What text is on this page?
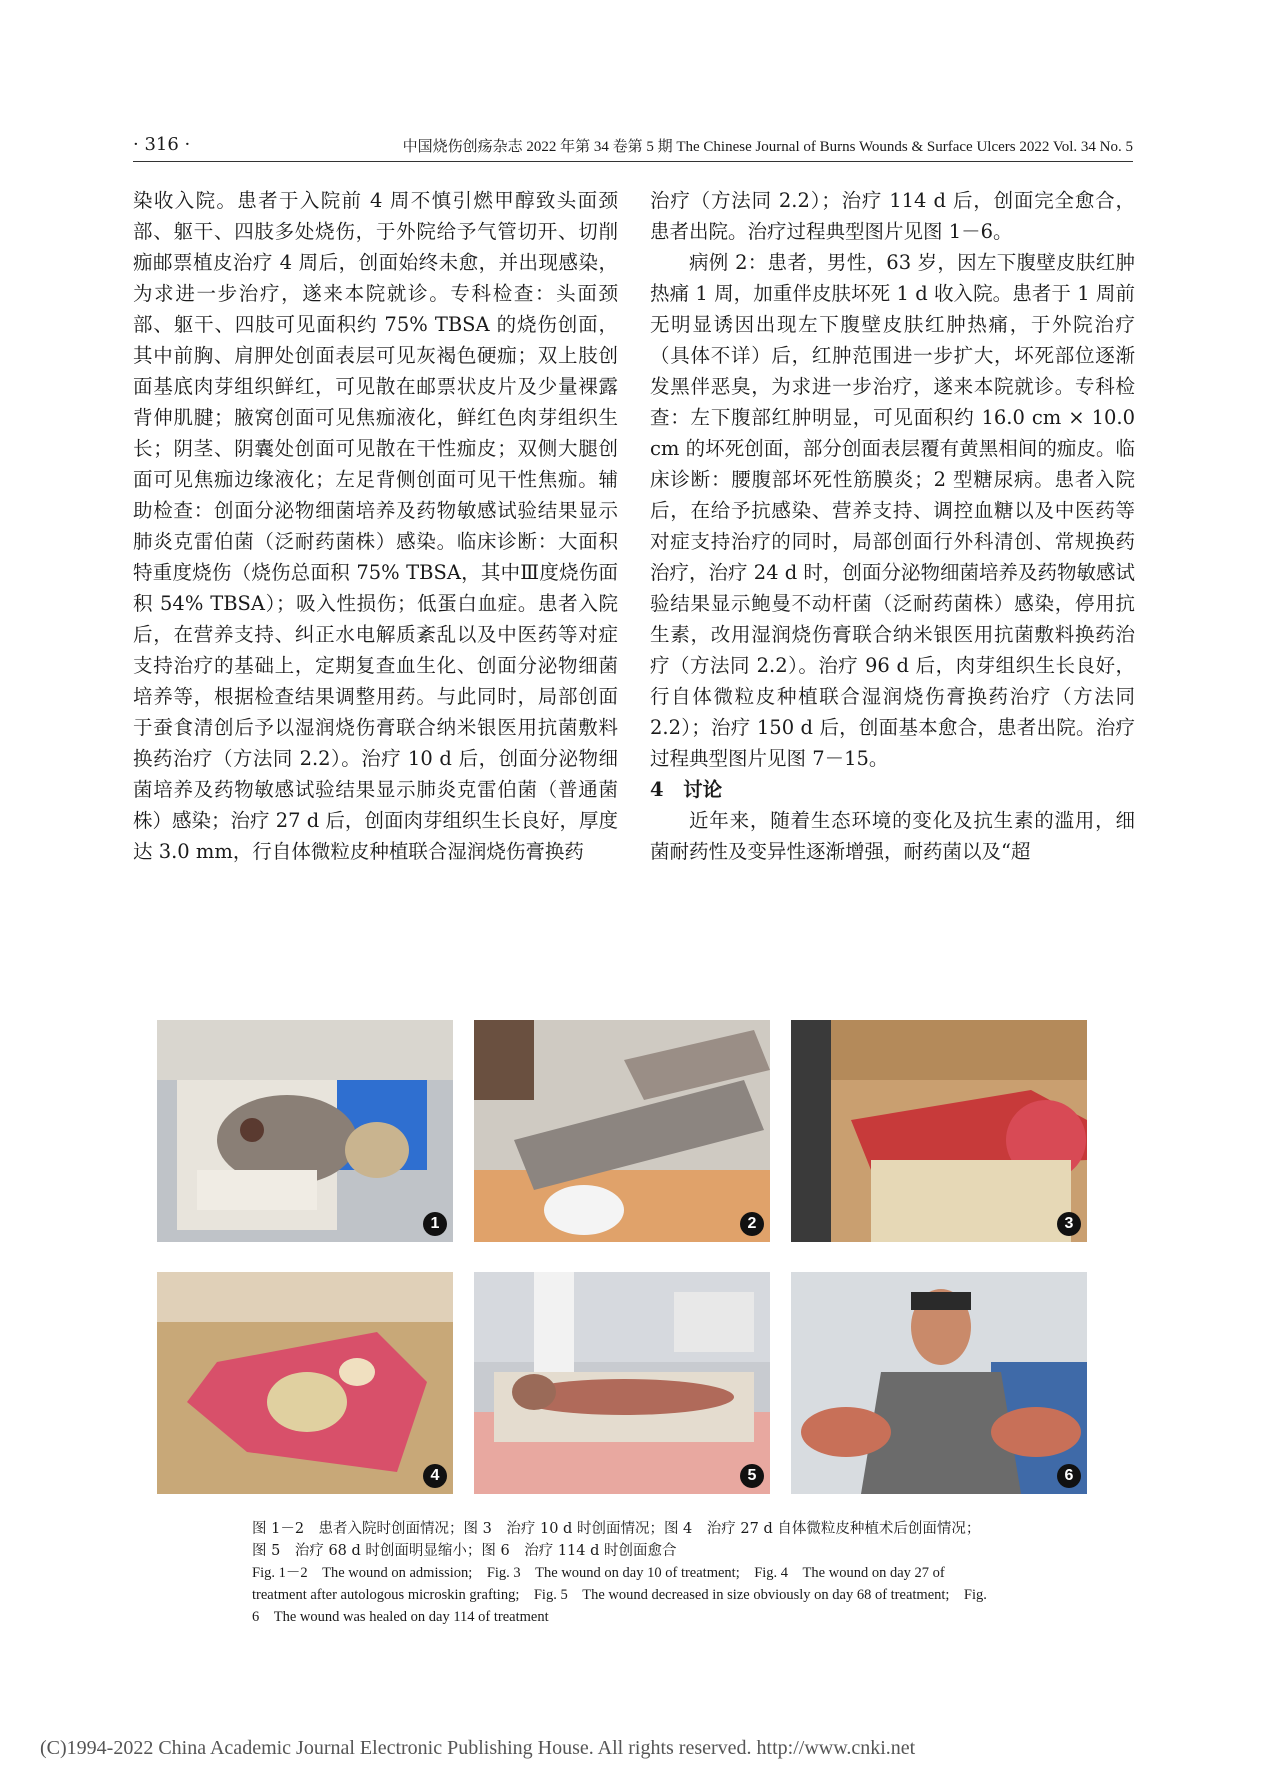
· 316 ·	中国烧伤创疡杂志 2022 年第 34 卷第 5 期 The Chinese Journal of Burns Wounds & Surface Ulcers 2022 Vol. 34 No. 5

染收入院。患者于入院前 4 周不慎引燃甲醇致头面颈部、躯干、四肢多处烧伤，于外院给予气管切开、切削痂邮票植皮治疗 4 周后，创面始终未愈，并出现感染，为求进一步治疗，遂来本院就诊。专科检查：头面颈部、躯干、四肢可见面积约 75% TBSA 的烧伤创面，其中前胸、肩胛处创面表层可见灰褐色硬痂；双上肢创面基底肉芽组织鲜红，可见散在邮票状皮片及少量裸露背伸肌腱；腋窝创面可见焦痂液化，鲜红色肉芽组织生长；阴茎、阴囊处创面可见散在干性痂皮；双侧大腿创面可见焦痂边缘液化；左足背侧创面可见干性焦痂。辅助检查：创面分泌物细菌培养及药物敏感试验结果显示肺炎克雷伯菌（泛耐药菌株）感染。临床诊断：大面积特重度烧伤（烧伤总面积 75% TBSA，其中Ⅲ度烧伤面积 54% TBSA）；吸入性损伤；低蛋白血症。患者入院后，在营养支持、纠正水电解质紊乱以及中医药等对症支持治疗的基础上，定期复查血生化、创面分泌物细菌培养等，根据检查结果调整用药。与此同时，局部创面于蚕食清创后予以湿润烧伤膏联合纳米银医用抗菌敷料换药治疗（方法同 2.2）。治疗 10 d 后，创面分泌物细菌培养及药物敏感试验结果显示肺炎克雷伯菌（普通菌株）感染；治疗 27 d 后，创面肉芽组织生长良好，厚度达 3.0 mm，行自体微粒皮种植联合湿润烧伤膏换药

治疗（方法同 2.2）；治疗 114 d 后，创面完全愈合，患者出院。治疗过程典型图片见图 1－6。

病例 2：患者，男性，63 岁，因左下腹壁皮肤红肿热痛 1 周，加重伴皮肤坏死 1 d 收入院。患者于 1 周前无明显诱因出现左下腹壁皮肤红肿热痛，于外院治疗（具体不详）后，红肿范围进一步扩大，坏死部位逐渐发黑伴恶臭，为求进一步治疗，遂来本院就诊。专科检查：左下腹部红肿明显，可见面积约 16.0 cm × 10.0 cm 的坏死创面，部分创面表层覆有黄黑相间的痂皮。临床诊断：腰腹部坏死性筋膜炎；2 型糖尿病。患者入院后，在给予抗感染、营养支持、调控血糖以及中医药等对症支持治疗的同时，局部创面行外科清创、常规换药治疗，治疗 24 d 时，创面分泌物细菌培养及药物敏感试验结果显示鲍曼不动杆菌（泛耐药菌株）感染，停用抗生素，改用湿润烧伤膏联合纳米银医用抗菌敷料换药治疗（方法同 2.2）。治疗 96 d 后，肉芽组织生长良好，行自体微粒皮种植联合湿润烧伤膏换药治疗（方法同 2.2）；治疗 150 d 后，创面基本愈合，患者出院。治疗过程典型图片见图 7－15。

4　讨论

近年来，随着生态环境的变化及抗生素的滥用，细菌耐药性及变异性逐渐增强，耐药菌以及“超

1	2	3
4	5	6

图 1－2　患者入院时创面情况；图 3　治疗 10 d 时创面情况；图 4　治疗 27 d 自体微粒皮种植术后创面情况；图 5　治疗 68 d 时创面明显缩小；图 6　治疗 114 d 时创面愈合

Fig. 1－2　The wound on admission;　Fig. 3　The wound on day 10 of treatment;　Fig. 4　The wound on day 27 of treatment after autologous microskin grafting;　Fig. 5　The wound decreased in size obviously on day 68 of treatment;　Fig. 6　The wound was healed on day 114 of treatment

(C)1994-2022 China Academic Journal Electronic Publishing House. All rights reserved. http://www.cnki.net
